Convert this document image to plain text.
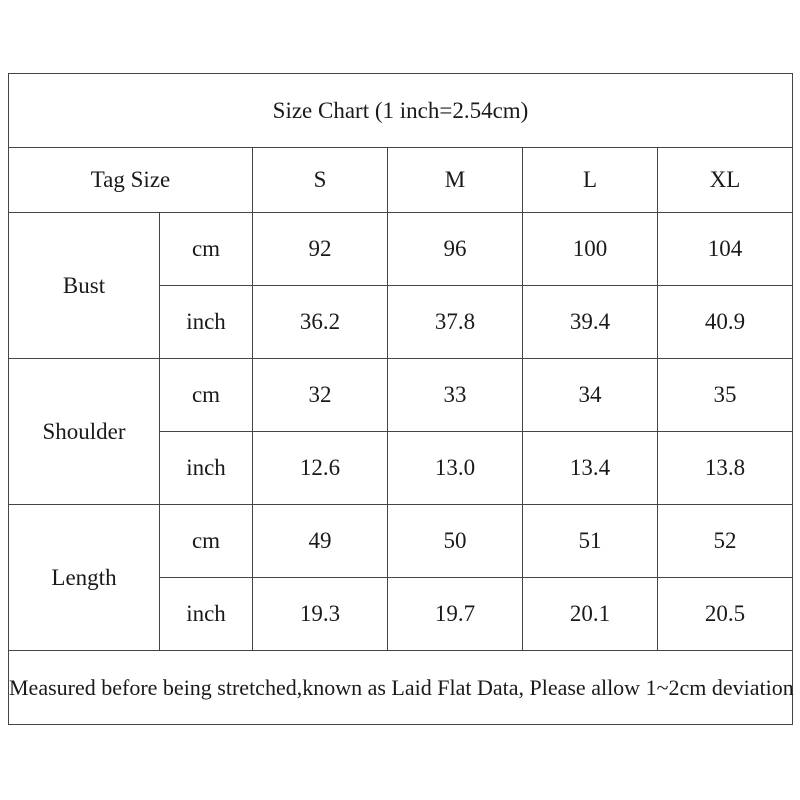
Size Chart (1 inch=2.54cm)					
Tag Size		S	M	L	XL
Bust	cm	92	96	100	104
	inch	36.2	37.8	39.4	40.9
Shoulder	cm	32	33	34	35
	inch	12.6	13.0	13.4	13.8
Length	cm	49	50	51	52
	inch	19.3	19.7	20.1	20.5
Measured before being stretched,known as Laid Flat Data, Please allow 1~2cm deviation					
